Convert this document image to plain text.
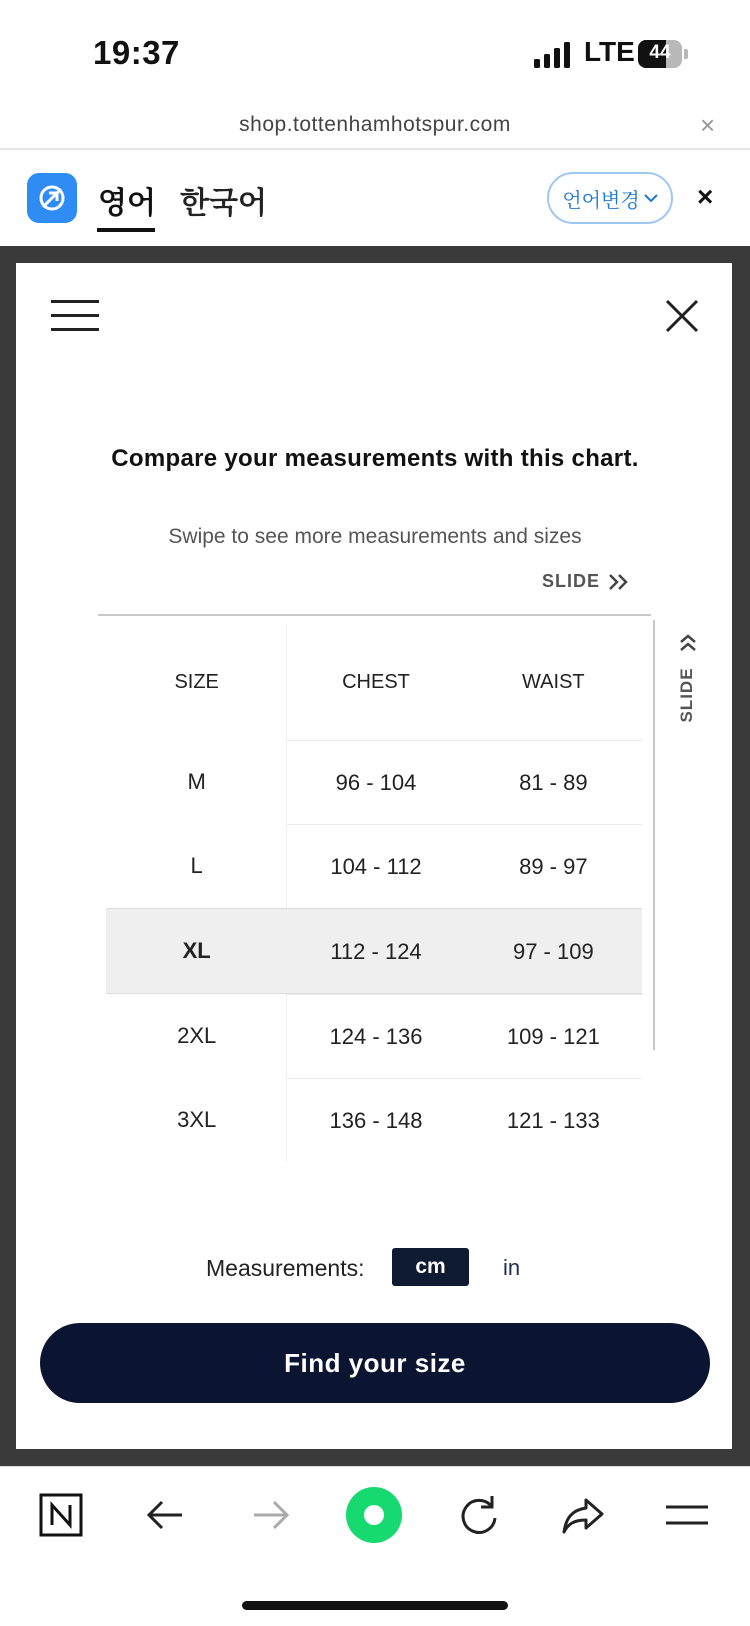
19:37	LTE 44
shop.tottenhamhotspur.com	×
영어 한국어	언어변경 ×
Compare your measurements with this chart.
Swipe to see more measurements and sizes
SLIDE
SLIDE
SIZE	CHEST	WAIST
M	96 - 104	81 - 89
L	104 - 112	89 - 97
XL	112 - 124	97 - 109
2XL	124 - 136	109 - 121
3XL	136 - 148	121 - 133
Measurements:	cm	in
Find your size
